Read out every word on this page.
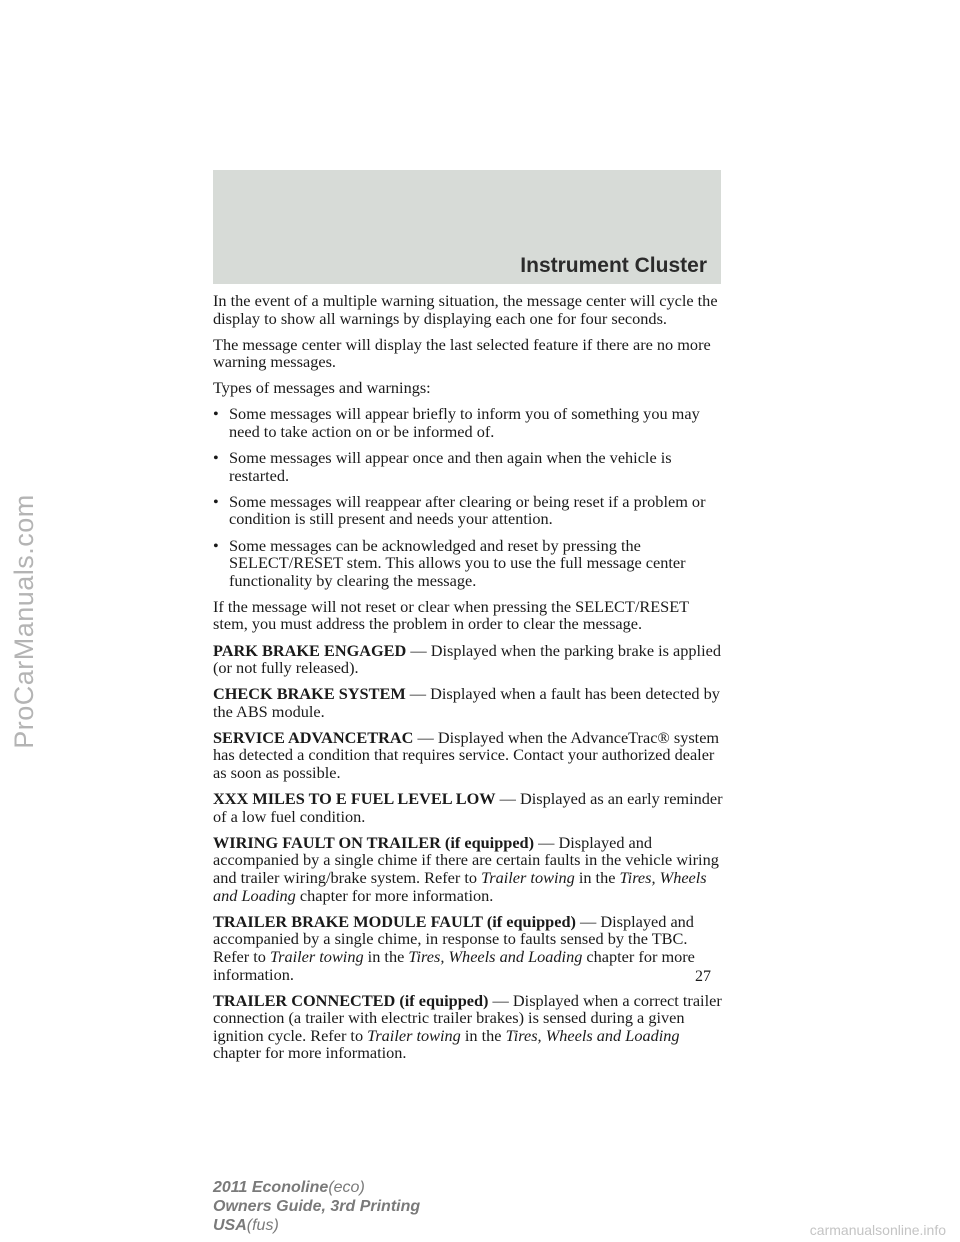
ProCarManuals.com
Instrument Cluster

In the event of a multiple warning situation, the message center will cycle the display to show all warnings by displaying each one for four seconds.

The message center will display the last selected feature if there are no more warning messages.

Types of messages and warnings:

• Some messages will appear briefly to inform you of something you may need to take action on or be informed of.
• Some messages will appear once and then again when the vehicle is restarted.
• Some messages will reappear after clearing or being reset if a problem or condition is still present and needs your attention.
• Some messages can be acknowledged and reset by pressing the SELECT/RESET stem. This allows you to use the full message center functionality by clearing the message.

If the message will not reset or clear when pressing the SELECT/RESET stem, you must address the problem in order to clear the message.

PARK BRAKE ENGAGED — Displayed when the parking brake is applied (or not fully released).

CHECK BRAKE SYSTEM — Displayed when a fault has been detected by the ABS module.

SERVICE ADVANCETRAC — Displayed when the AdvanceTrac® system has detected a condition that requires service. Contact your authorized dealer as soon as possible.

XXX MILES TO E FUEL LEVEL LOW — Displayed as an early reminder of a low fuel condition.

WIRING FAULT ON TRAILER (if equipped) — Displayed and accompanied by a single chime if there are certain faults in the vehicle wiring and trailer wiring/brake system. Refer to Trailer towing in the Tires, Wheels and Loading chapter for more information.

TRAILER BRAKE MODULE FAULT (if equipped) — Displayed and accompanied by a single chime, in response to faults sensed by the TBC. Refer to Trailer towing in the Tires, Wheels and Loading chapter for more information.

TRAILER CONNECTED (if equipped) — Displayed when a correct trailer connection (a trailer with electric trailer brakes) is sensed during a given ignition cycle. Refer to Trailer towing in the Tires, Wheels and Loading chapter for more information.

27
2011 Econoline(eco)
Owners Guide, 3rd Printing
USA(fus)	carmanualsonline.info
